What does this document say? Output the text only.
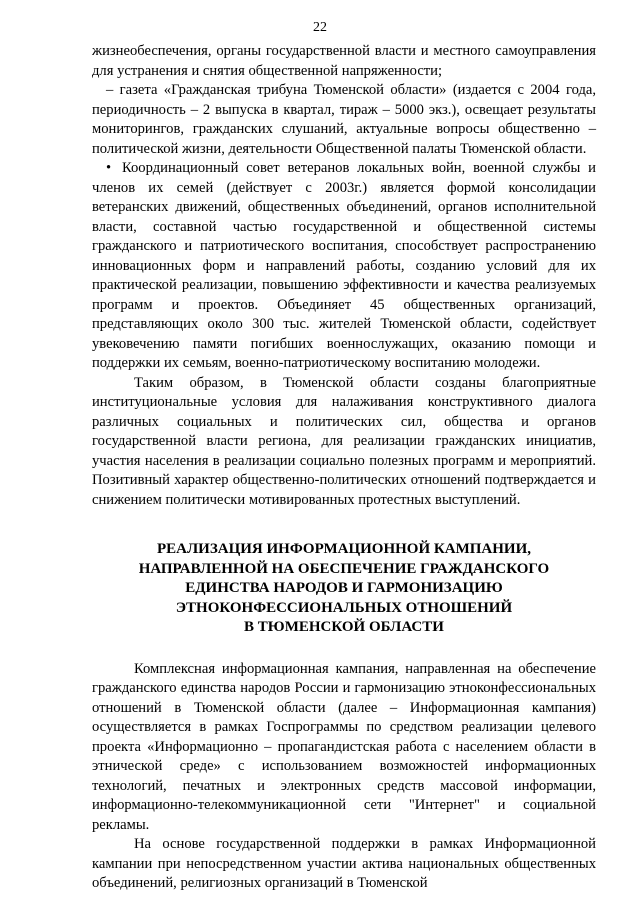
22

жизнеобеспечения, органы государственной власти и местного самоуправления для устранения и снятия общественной напряженности;

– газета «Гражданская трибуна Тюменской области» (издается с 2004 года, периодичность – 2 выпуска в квартал, тираж – 5000 экз.), освещает результаты мониторингов, гражданских слушаний, актуальные вопросы общественно – политической жизни, деятельности Общественной палаты Тюменской области.

• Координационный совет ветеранов локальных войн, военной службы и членов их семей (действует с 2003г.) является формой консолидации ветеранских движений, общественных объединений, органов исполнительной власти, составной частью государственной и общественной системы гражданского и патриотического воспитания, способствует распространению инновационных форм и направлений работы, созданию условий для их практической реализации, повышению эффективности и качества реализуемых программ и проектов. Объединяет 45 общественных организаций, представляющих около 300 тыс. жителей Тюменской области, содействует увековечению памяти погибших военнослужащих, оказанию помощи и поддержки их семьям, военно-патриотическому воспитанию молодежи.

Таким образом, в Тюменской области созданы благоприятные институциональные условия для налаживания конструктивного диалога различных социальных и политических сил, общества и органов государственной власти региона, для реализации гражданских инициатив, участия населения в реализации социально полезных программ и мероприятий. Позитивный характер общественно-политических отношений подтверждается и снижением политически мотивированных протестных выступлений.

РЕАЛИЗАЦИЯ ИНФОРМАЦИОННОЙ КАМПАНИИ,
НАПРАВЛЕННОЙ НА ОБЕСПЕЧЕНИЕ ГРАЖДАНСКОГО
ЕДИНСТВА НАРОДОВ И ГАРМОНИЗАЦИЮ
ЭТНОКОНФЕССИОНАЛЬНЫХ ОТНОШЕНИЙ
В ТЮМЕНСКОЙ ОБЛАСТИ

Комплексная информационная кампания, направленная на обеспечение гражданского единства народов России и гармонизацию этноконфессиональных отношений в Тюменской области (далее – Информационная кампания) осуществляется в рамках Госпрограммы по средством реализации целевого проекта «Информационно – пропагандистская работа с населением области в этнической среде» с использованием возможностей информационных технологий, печатных и электронных средств массовой информации, информационно-телекоммуникационной сети "Интернет" и социальной рекламы.

На основе государственной поддержки в рамках Информационной кампании при непосредственном участии актива национальных общественных объединений, религиозных организаций в Тюменской
